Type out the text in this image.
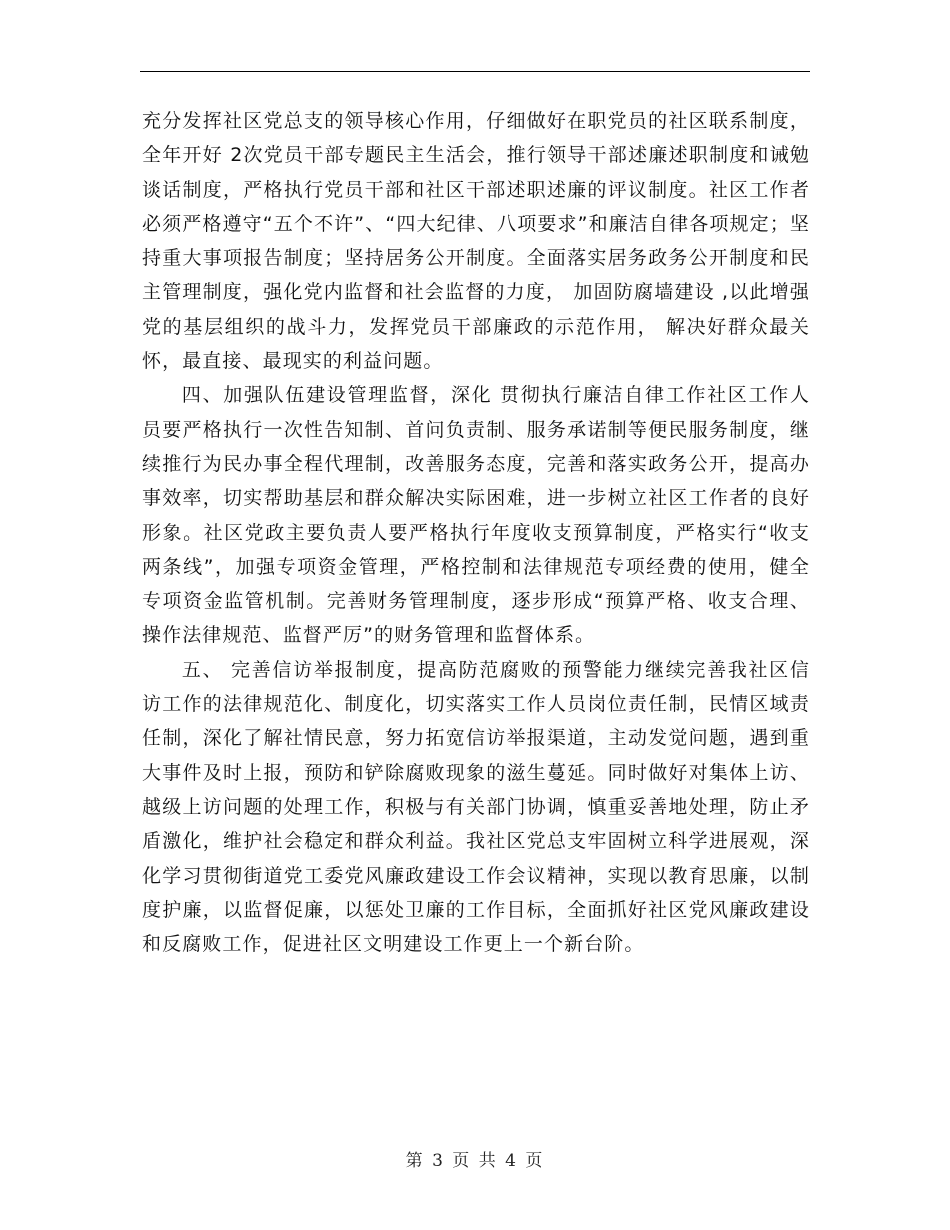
充分发挥社区党总支的领导核心作用，仔细做好在职党员的社区联系制度，全年开好 2次党员干部专题民主生活会，推行领导干部述廉述职制度和诫勉谈话制度，严格执行党员干部和社区干部述职述廉的评议制度。社区工作者必须严格遵守“五个不许”、“四大纪律、八项要求”和廉洁自律各项规定；坚持重大事项报告制度；坚持居务公开制度。全面落实居务政务公开制度和民主管理制度，强化党内监督和社会监督的力度， 加固防腐墙建设 ,以此增强党的基层组织的战斗力，发挥党员干部廉政的示范作用， 解决好群众最关怀，最直接、最现实的利益问题。

四、加强队伍建设管理监督，深化 贯彻执行廉洁自律工作社区工作人员要严格执行一次性告知制、首问负责制、服务承诺制等便民服务制度，继续推行为民办事全程代理制，改善服务态度，完善和落实政务公开，提高办事效率，切实帮助基层和群众解决实际困难，进一步树立社区工作者的良好形象。社区党政主要负责人要严格执行年度收支预算制度，严格实行“收支两条线”，加强专项资金管理，严格控制和法律规范专项经费的使用，健全专项资金监管机制。完善财务管理制度，逐步形成“预算严格、收支合理、操作法律规范、监督严厉”的财务管理和监督体系。

五、 完善信访举报制度，提高防范腐败的预警能力继续完善我社区信访工作的法律规范化、制度化，切实落实工作人员岗位责任制，民情区域责任制，深化了解社情民意，努力拓宽信访举报渠道，主动发觉问题，遇到重大事件及时上报，预防和铲除腐败现象的滋生蔓延。同时做好对集体上访、越级上访问题的处理工作，积极与有关部门协调，慎重妥善地处理，防止矛盾激化，维护社会稳定和群众利益。我社区党总支牢固树立科学进展观，深化学习贯彻街道党工委党风廉政建设工作会议精神，实现以教育思廉，以制度护廉，以监督促廉，以惩处卫廉的工作目标，全面抓好社区党风廉政建设和反腐败工作，促进社区文明建设工作更上一个新台阶。

第 3 页 共 4 页
